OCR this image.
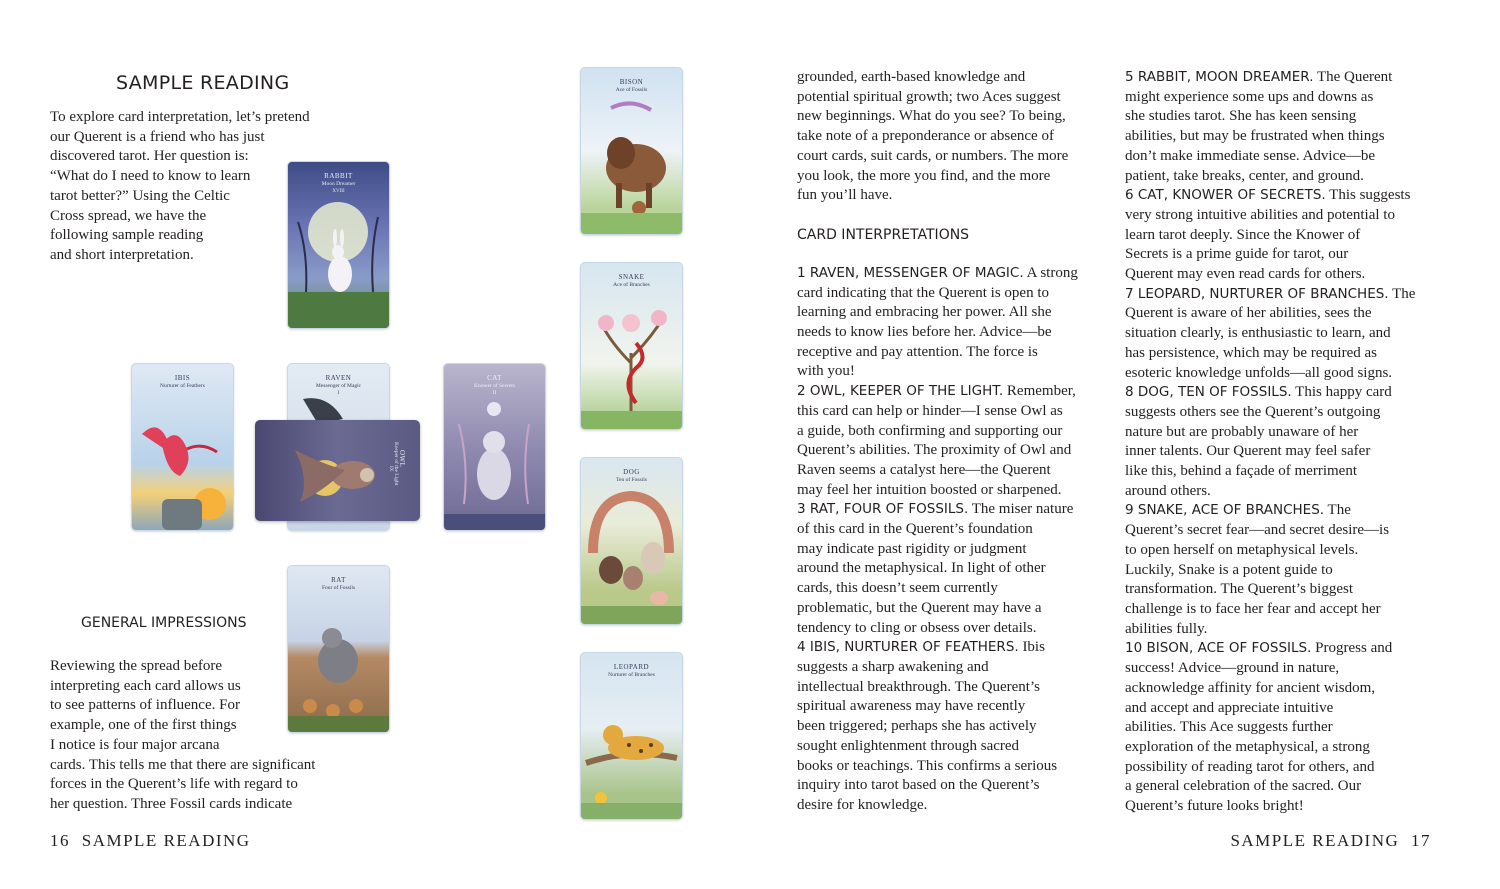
SAMPLE READING
To explore card interpretation, let’s pretend
our Querent is a friend who has just
discovered tarot. Her question is:
“What do I need to know to learn
tarot better?” Using the Celtic
Cross spread, we have the
following sample reading
and short interpretation.
GENERAL IMPRESSIONS
Reviewing the spread before
interpreting each card allows us
to see patterns of influence. For
example, one of the first things
I notice is four major arcana
cards. This tells me that there are significant
forces in the Querent’s life with regard to
her question. Three Fossil cards indicate
16 SAMPLE READING
RABBIT
Moon Dreamer
XVIII
IBIS
Nurturer of Feathers
RAVEN
Messenger of Magic
I
OWL
Keeper of the Light
IX
CAT
Knower of Secrets
II
RAT
Four of Fossils
BISON
Ace of Fossils
SNAKE
Ace of Branches
DOG
Ten of Fossils
LEOPARD
Nurturer of Branches
grounded, earth-based knowledge and
potential spiritual growth; two Aces suggest
new beginnings. What do you see? To being,
take note of a preponderance or absence of
court cards, suit cards, or numbers. The more
you look, the more you find, and the more
fun you’ll have.
CARD INTERPRETATIONS
1 RAVEN, MESSENGER OF MAGIC. A strong
card indicating that the Querent is open to
learning and embracing her power. All she
needs to know lies before her. Advice—be
receptive and pay attention. The force is
with you!
2 OWL, KEEPER OF THE LIGHT. Remember,
this card can help or hinder—I sense Owl as
a guide, both confirming and supporting our
Querent’s abilities. The proximity of Owl and
Raven seems a catalyst here—the Querent
may feel her intuition boosted or sharpened.
3 RAT, FOUR OF FOSSILS. The miser nature
of this card in the Querent’s foundation
may indicate past rigidity or judgment
around the metaphysical. In light of other
cards, this doesn’t seem currently
problematic, but the Querent may have a
tendency to cling or obsess over details.
4 IBIS, NURTURER OF FEATHERS. Ibis
suggests a sharp awakening and
intellectual breakthrough. The Querent’s
spiritual awareness may have recently
been triggered; perhaps she has actively
sought enlightenment through sacred
books or teachings. This confirms a serious
inquiry into tarot based on the Querent’s
desire for knowledge.
5 RABBIT, MOON DREAMER. The Querent
might experience some ups and downs as
she studies tarot. She has keen sensing
abilities, but may be frustrated when things
don’t make immediate sense. Advice—be
patient, take breaks, center, and ground.
6 CAT, KNOWER OF SECRETS. This suggests
very strong intuitive abilities and potential to
learn tarot deeply. Since the Knower of
Secrets is a prime guide for tarot, our
Querent may even read cards for others.
7 LEOPARD, NURTURER OF BRANCHES. The
Querent is aware of her abilities, sees the
situation clearly, is enthusiastic to learn, and
has persistence, which may be required as
esoteric knowledge unfolds—all good signs.
8 DOG, TEN OF FOSSILS. This happy card
suggests others see the Querent’s outgoing
nature but are probably unaware of her
inner talents. Our Querent may feel safer
like this, behind a façade of merriment
around others.
9 SNAKE, ACE OF BRANCHES. The
Querent’s secret fear—and secret desire—is
to open herself on metaphysical levels.
Luckily, Snake is a potent guide to
transformation. The Querent’s biggest
challenge is to face her fear and accept her
abilities fully.
10 BISON, ACE OF FOSSILS. Progress and
success! Advice—ground in nature,
acknowledge affinity for ancient wisdom,
and accept and appreciate intuitive
abilities. This Ace suggests further
exploration of the metaphysical, a strong
possibility of reading tarot for others, and
a general celebration of the sacred. Our
Querent’s future looks bright!
SAMPLE READING 17
